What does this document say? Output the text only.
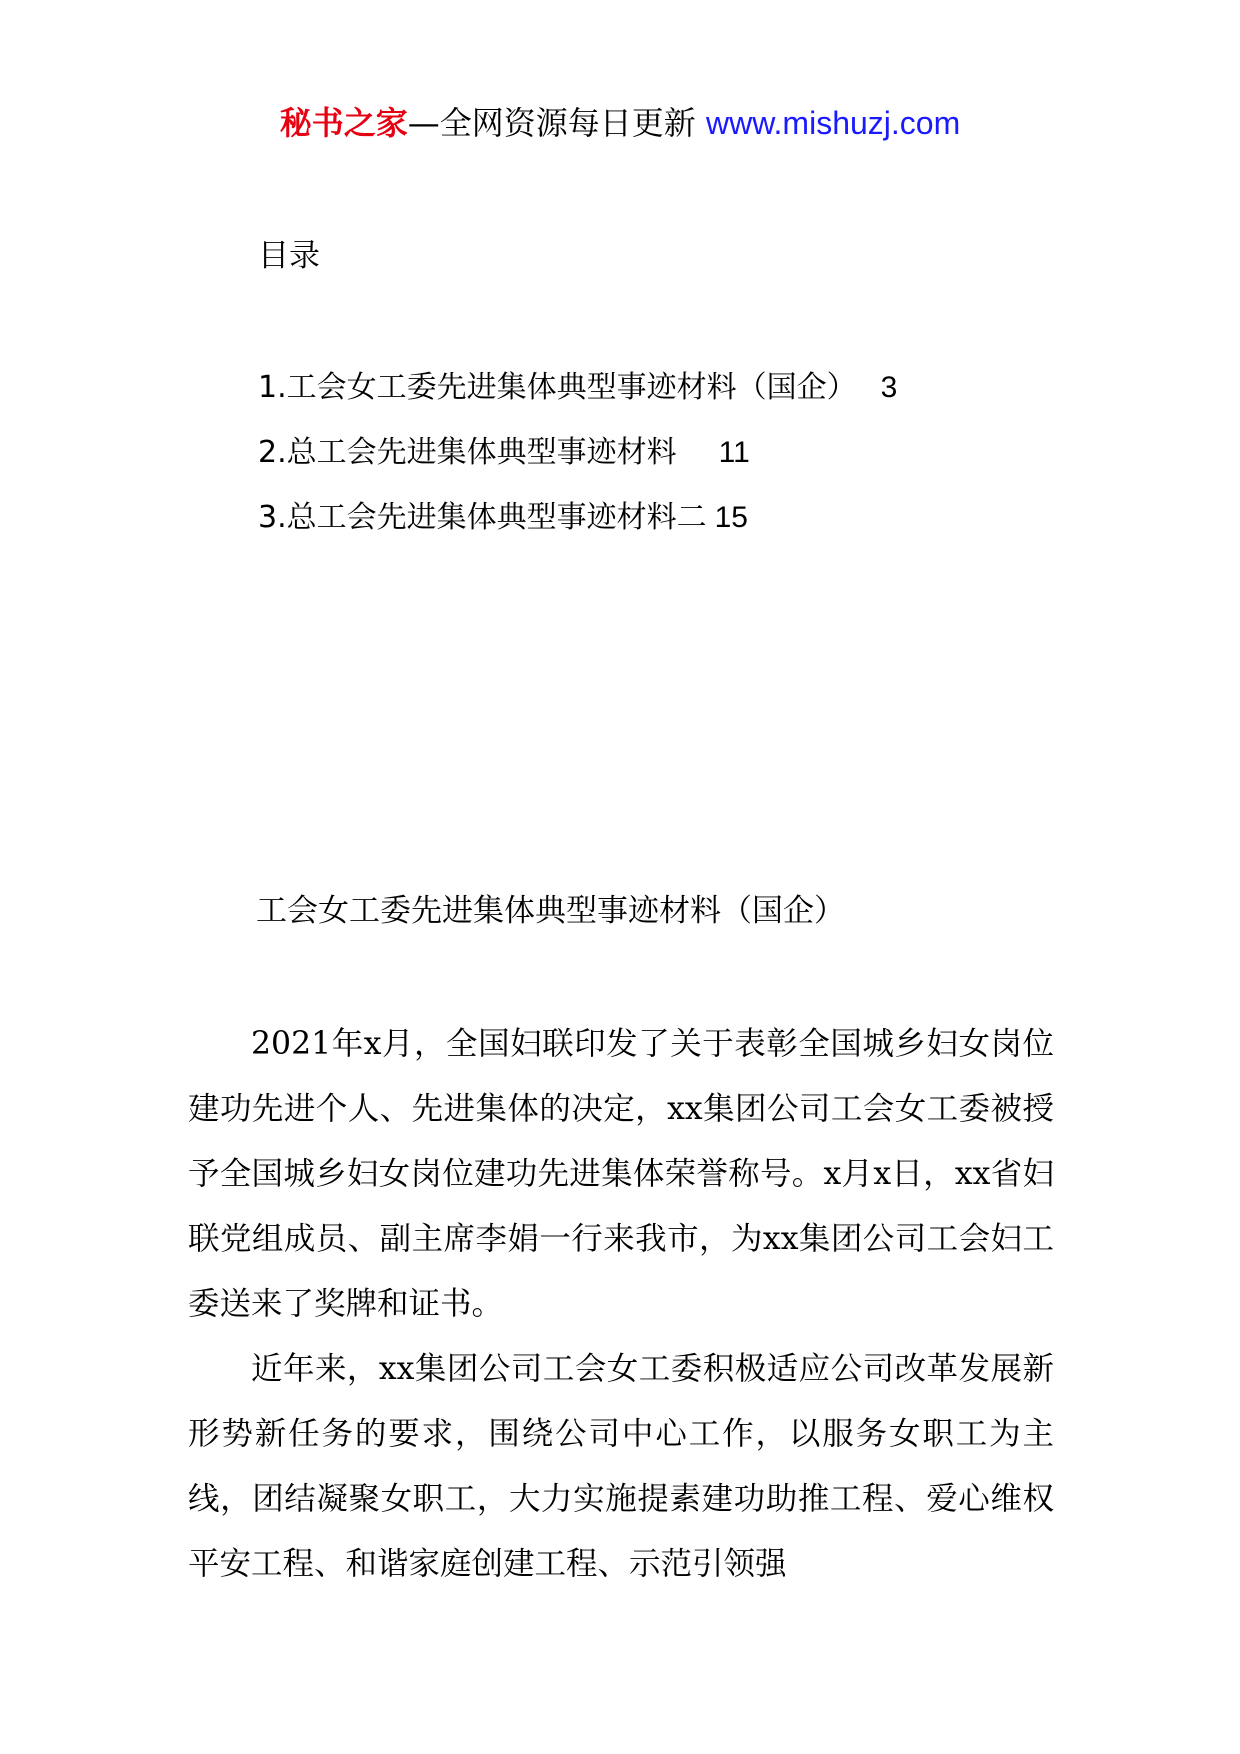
秘书之家—全网资源每日更新 www.mishuzj.com
目录
1.工会女工委先进集体典型事迹材料（国企） 3
2.总工会先进集体典型事迹材料 11
3.总工会先进集体典型事迹材料二 15
工会女工委先进集体典型事迹材料（国企）

2021年x月，全国妇联印发了关于表彰全国城乡妇女岗位建功先进个人、先进集体的决定，xx集团公司工会女工委被授予全国城乡妇女岗位建功先进集体荣誉称号。x月x日，xx省妇联党组成员、副主席李娟一行来我市，为xx集团公司工会妇工委送来了奖牌和证书。

近年来，xx集团公司工会女工委积极适应公司改革发展新形势新任务的要求，围绕公司中心工作，以服务女职工为主线，团结凝聚女职工，大力实施提素建功助推工程、爱心维权平安工程、和谐家庭创建工程、示范引领强
